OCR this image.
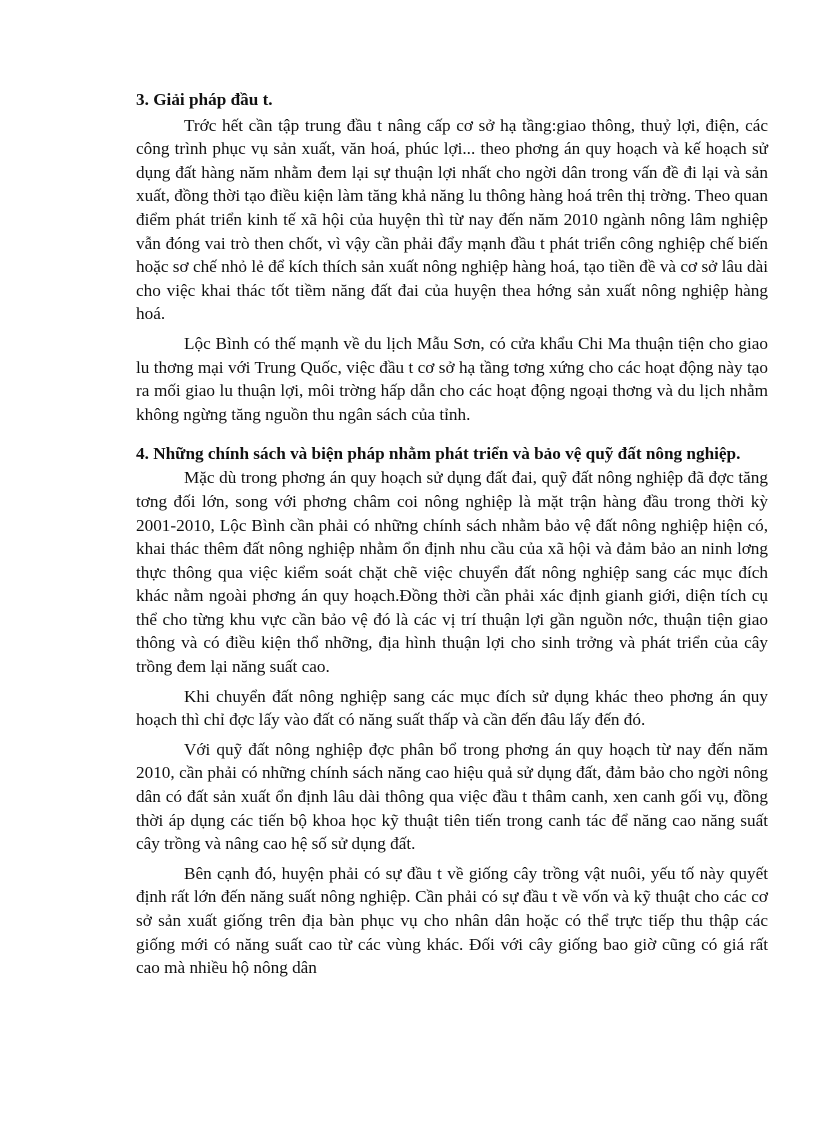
3. Giải pháp đầu t.

Trớc hết cần tập trung đầu t nâng cấp cơ sở hạ tầng:giao thông, thuỷ lợi, điện, các công trình phục vụ sản xuất, văn hoá, phúc lợi... theo phơng án quy hoạch và kế hoạch sử dụng đất hàng năm nhằm đem lại sự thuận lợi nhất cho ngời dân trong vấn đề đi lại và sản xuất, đồng thời tạo điều kiện làm tăng khả năng lu thông hàng hoá trên thị trờng. Theo quan điểm phát triển kinh tế xã hội của huyện thì từ nay đến năm 2010 ngành nông lâm nghiệp vẫn đóng vai trò then chốt, vì vậy cần phải đẩy mạnh đầu t phát triển công nghiệp chế biến hoặc sơ chế nhỏ lẻ để kích thích sản xuất nông nghiệp hàng hoá, tạo tiền đề và cơ sở lâu dài cho việc khai thác tốt tiềm năng đất đai của huyện thea hớng sản xuất nông nghiệp hàng hoá.

Lộc Bình có thế mạnh về du lịch Mẫu Sơn, có cửa khẩu Chi Ma thuận tiện cho giao lu thơng mại với Trung Quốc, việc đầu t cơ sở hạ tầng tơng xứng cho các hoạt động này tạo ra mối giao lu thuận lợi, môi trờng hấp dẫn cho các hoạt động ngoại thơng và du lịch nhằm không ngừng tăng nguồn thu ngân sách của tỉnh.

4. Những chính sách và biện pháp nhằm phát triển và bảo vệ quỹ đất nông nghiệp.

Mặc dù trong phơng án quy hoạch sử dụng đất đai, quỹ đất nông nghiệp đã đợc tăng tơng đối lớn, song với phơng châm coi nông nghiệp là mặt trận hàng đầu trong thời kỳ 2001-2010, Lộc Bình cần phải có những chính sách nhằm bảo vệ đất nông nghiệp hiện có, khai thác thêm đất nông nghiệp nhằm ổn định nhu cầu của xã hội và đảm bảo an ninh lơng thực thông qua việc kiểm soát chặt chẽ việc chuyển đất nông nghiệp sang các mục đích khác nằm ngoài phơng án quy hoạch.Đồng thời cần phải xác định gianh giới, diện tích cụ thể cho từng khu vực cần bảo vệ đó là các vị trí thuận lợi gần nguồn nớc, thuận tiện giao thông và có điều kiện thổ nhỡng, địa hình thuận lợi cho sinh trởng và phát triển của cây trồng đem lại năng suất cao.

Khi chuyển đất nông nghiệp sang các mục đích sử dụng khác theo phơng án quy hoạch thì chỉ đợc lấy vào đất có năng suất thấp và cần đến đâu lấy đến đó.

Với quỹ đất nông nghiệp đợc phân bổ trong phơng án quy hoạch từ nay đến năm 2010, cần phải có những chính sách năng cao hiệu quả sử dụng đất, đảm bảo cho ngời nông dân có đất sản xuất ổn định lâu dài thông qua việc đầu t thâm canh, xen canh gối vụ, đồng thời áp dụng các tiến bộ khoa học kỹ thuật tiên tiến trong canh tác để năng cao năng suất cây trồng và nâng cao hệ số sử dụng đất.

Bên cạnh đó, huyện phải có sự đầu t về giống cây trồng vật nuôi, yếu tố này quyết định rất lớn đến năng suất nông nghiệp. Cần phải có sự đầu t về vốn và kỹ thuật cho các cơ sở sản xuất giống trên địa bàn phục vụ cho nhân dân hoặc có thể trực tiếp thu thập các giống mới có năng suất cao từ các vùng khác. Đối với cây giống bao giờ cũng có giá rất cao mà nhiều hộ nông dân
